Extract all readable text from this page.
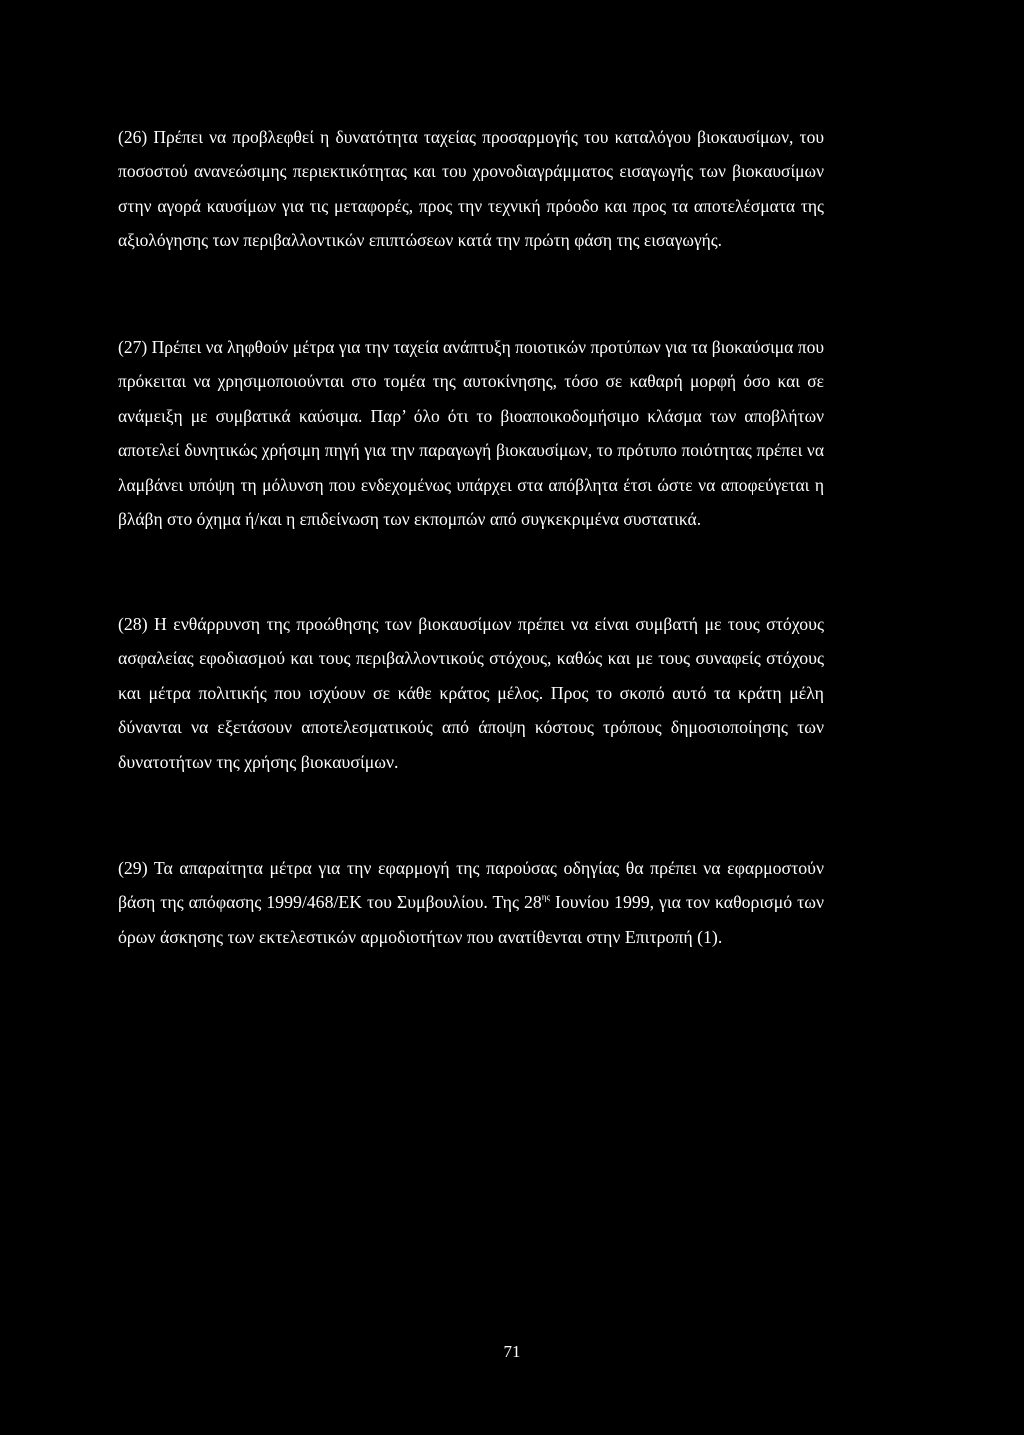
(26) Πρέπει να προβλεφθεί η δυνατότητα ταχείας προσαρμογής του καταλόγου βιοκαυσίμων, του ποσοστού ανανεώσιμης περιεκτικότητας και του χρονοδιαγράμματος εισαγωγής των βιοκαυσίμων στην αγορά καυσίμων για τις μεταφορές, προς την τεχνική πρόοδο και προς τα αποτελέσματα της αξιολόγησης των περιβαλλοντικών επιπτώσεων κατά την πρώτη φάση της εισαγωγής.

(27) Πρέπει να ληφθούν μέτρα για την ταχεία ανάπτυξη ποιοτικών προτύπων για τα βιοκαύσιμα που πρόκειται να χρησιμοποιούνται στο τομέα της αυτοκίνησης, τόσο σε καθαρή μορφή όσο και σε ανάμειξη με συμβατικά καύσιμα. Παρ’ όλο ότι το βιοαποικοδομήσιμο κλάσμα των αποβλήτων αποτελεί δυνητικώς χρήσιμη πηγή για την παραγωγή βιοκαυσίμων, το πρότυπο ποιότητας πρέπει να λαμβάνει υπόψη τη μόλυνση που ενδεχομένως υπάρχει στα απόβλητα έτσι ώστε να αποφεύγεται η βλάβη στο όχημα ή/και η επιδείνωση των εκπομπών από συγκεκριμένα συστατικά.

(28) Η ενθάρρυνση της προώθησης των βιοκαυσίμων πρέπει να είναι συμβατή με τους στόχους ασφαλείας εφοδιασμού και τους περιβαλλοντικούς στόχους, καθώς και με τους συναφείς στόχους και μέτρα πολιτικής που ισχύουν σε κάθε κράτος μέλος. Προς το σκοπό αυτό τα κράτη μέλη δύνανται να εξετάσουν αποτελεσματικούς από άποψη κόστους τρόπους δημοσιοποίησης των δυνατοτήτων της χρήσης βιοκαυσίμων.

(29) Τα απαραίτητα μέτρα για την εφαρμογή της παρούσας οδηγίας θα πρέπει να εφαρμοστούν βάση της απόφασης 1999/468/ΕΚ του Συμβουλίου. Της $28^{\eta\varsigma}$ Ιουνίου 1999, για τον καθορισμό των όρων άσκησης των εκτελεστικών αρμοδιοτήτων που ανατίθενται στην Επιτροπή (1).

71
